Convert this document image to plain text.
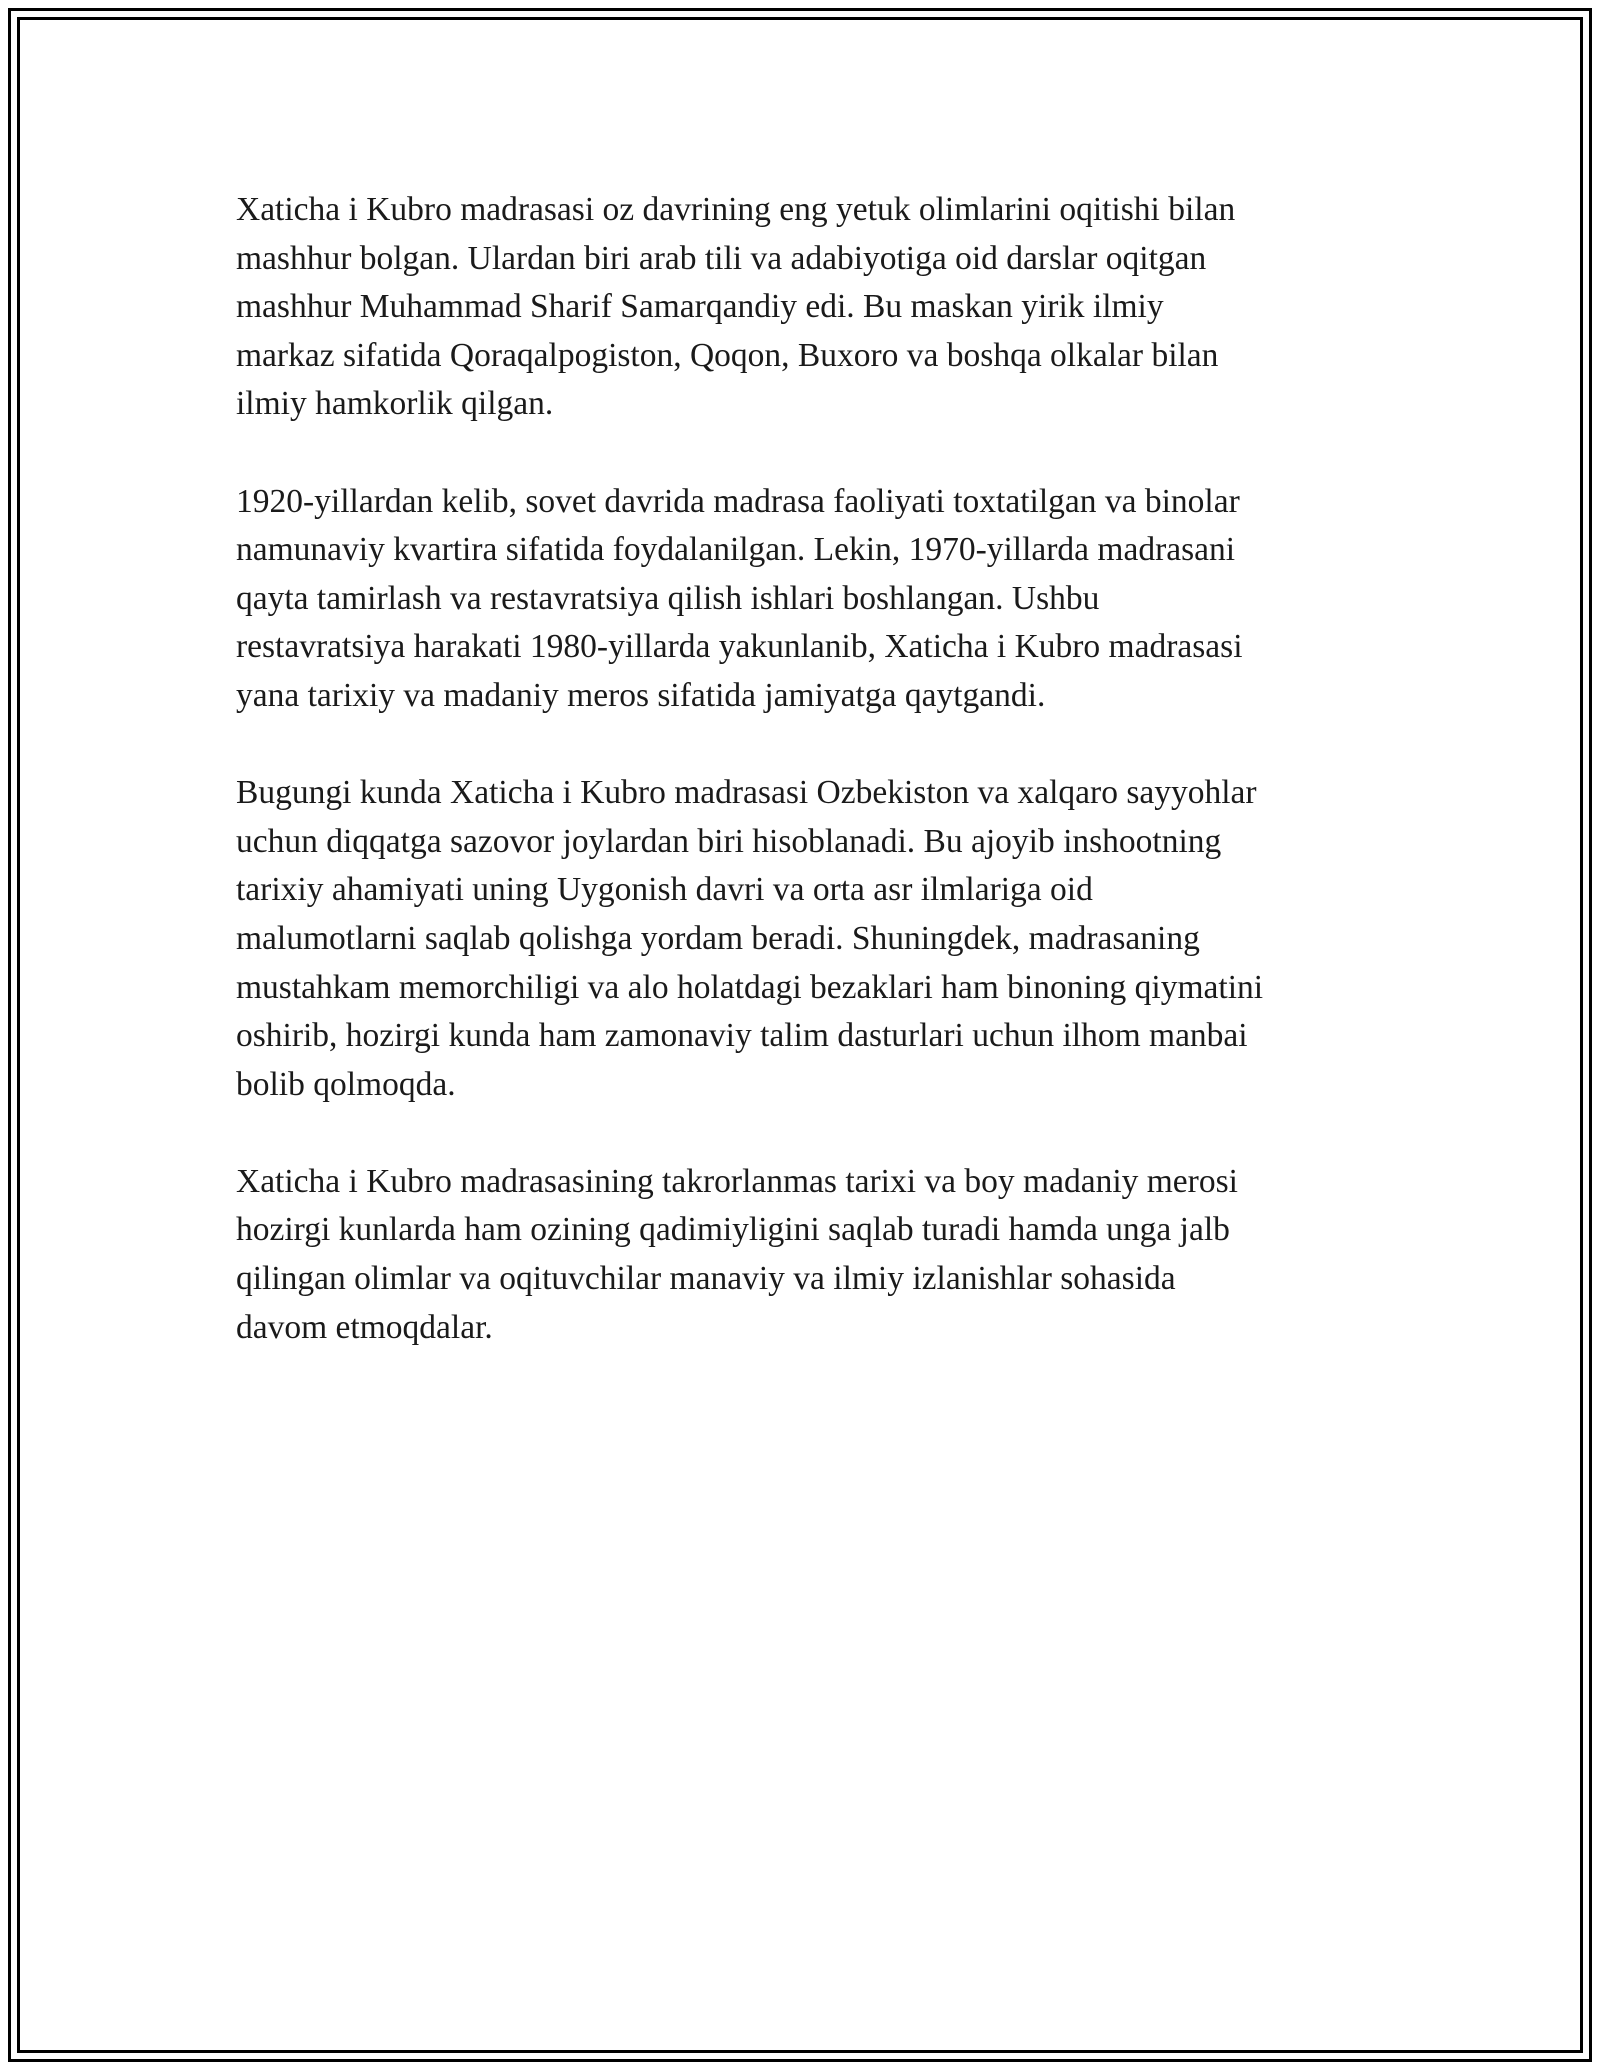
Xaticha i Kubro madrasasi oz davrining eng yetuk olimlarini oqitishi bilan
mashhur bolgan. Ulardan biri arab tili va adabiyotiga oid darslar oqitgan
mashhur Muhammad Sharif Samarqandiy edi. Bu maskan yirik ilmiy
markaz sifatida Qoraqalpogiston, Qoqon, Buxoro va boshqa olkalar bilan
ilmiy hamkorlik qilgan.

1920-yillardan kelib, sovet davrida madrasa faoliyati toxtatilgan va binolar
namunaviy kvartira sifatida foydalanilgan. Lekin, 1970-yillarda madrasani
qayta tamirlash va restavratsiya qilish ishlari boshlangan. Ushbu
restavratsiya harakati 1980-yillarda yakunlanib, Xaticha i Kubro madrasasi
yana tarixiy va madaniy meros sifatida jamiyatga qaytgandi.

Bugungi kunda Xaticha i Kubro madrasasi Ozbekiston va xalqaro sayyohlar
uchun diqqatga sazovor joylardan biri hisoblanadi. Bu ajoyib inshootning
tarixiy ahamiyati uning Uygonish davri va orta asr ilmlariga oid
malumotlarni saqlab qolishga yordam beradi. Shuningdek, madrasaning
mustahkam memorchiligi va alo holatdagi bezaklari ham binoning qiymatini
oshirib, hozirgi kunda ham zamonaviy talim dasturlari uchun ilhom manbai
bolib qolmoqda.

Xaticha i Kubro madrasasining takrorlanmas tarixi va boy madaniy merosi
hozirgi kunlarda ham ozining qadimiyligini saqlab turadi hamda unga jalb
qilingan olimlar va oqituvchilar manaviy va ilmiy izlanishlar sohasida
davom etmoqdalar.
